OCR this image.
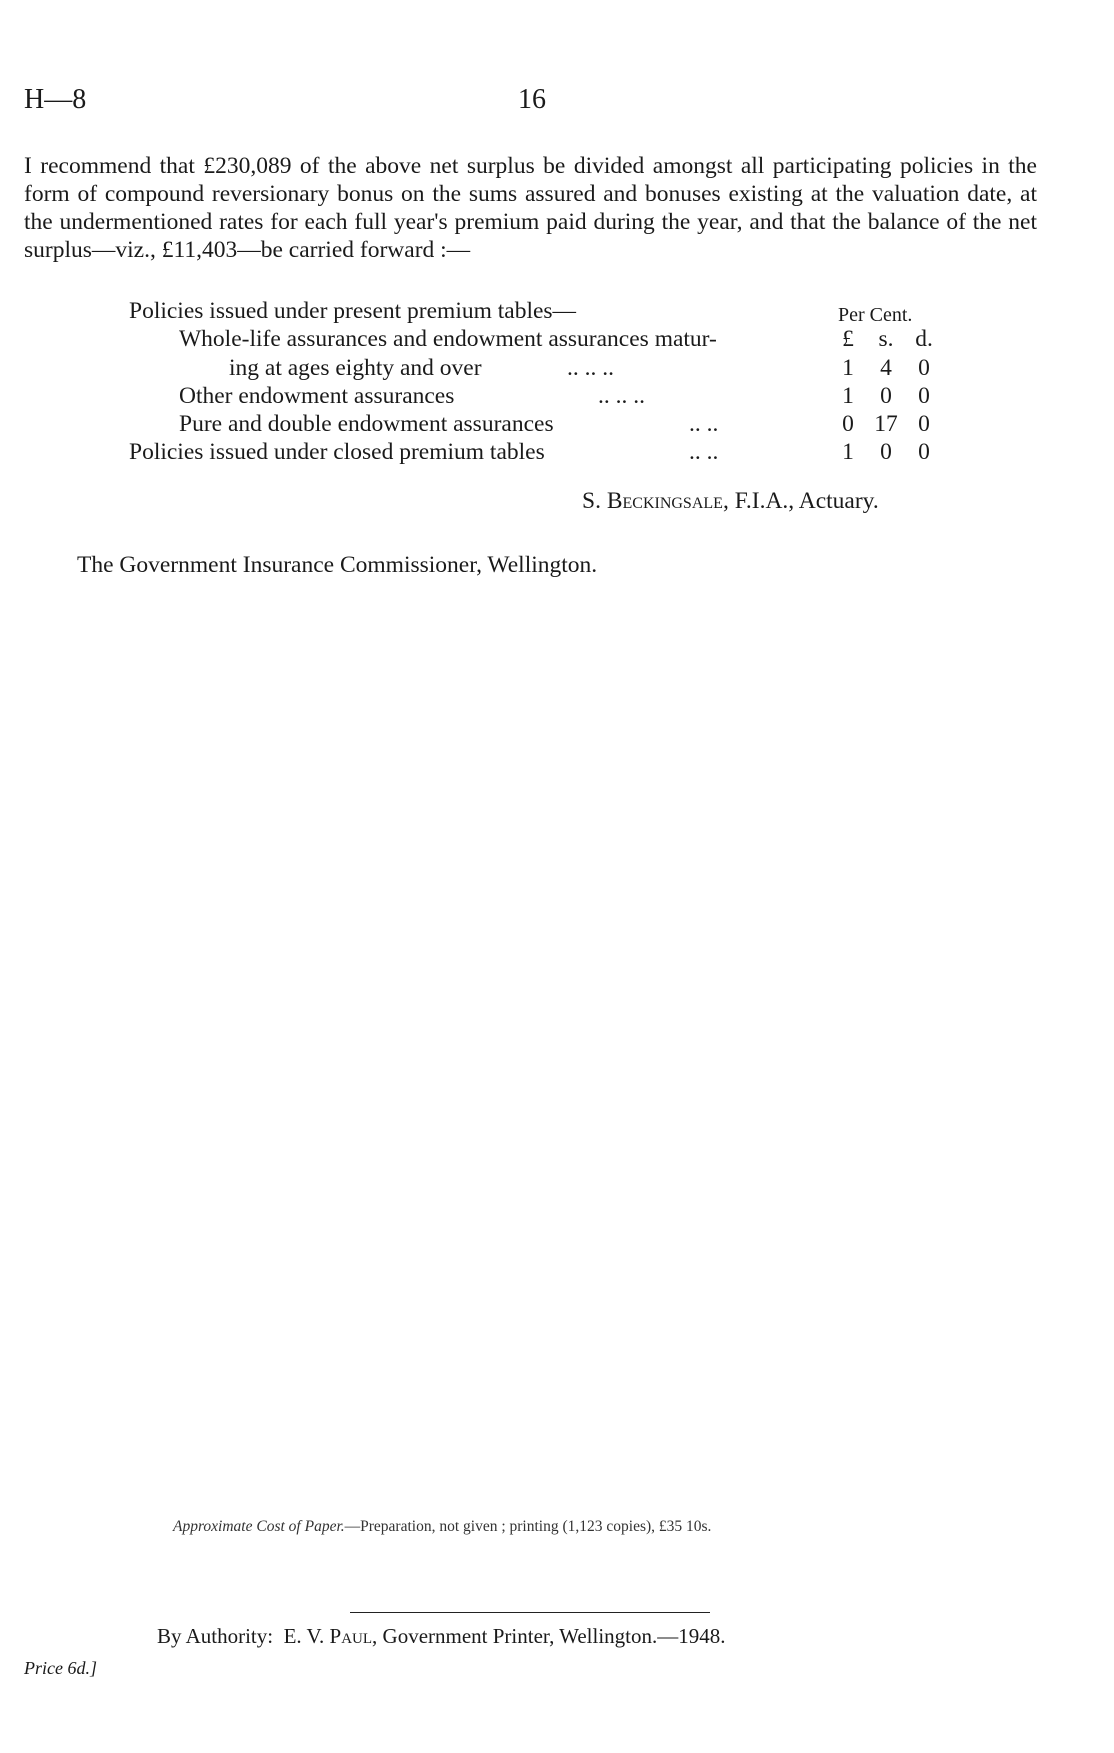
H—8	16
I recommend that £230,089 of the above net surplus be divided amongst all participating policies in the form of compound reversionary bonus on the sums assured and bonuses existing at the valuation date, at the undermentioned rates for each full year's premium paid during the year, and that the balance of the net surplus—viz., £11,403—be carried forward :—
Policies issued under present premium tables—	Per Cent.
Whole-life assurances and endowment assurances matur-	£ s. d.
ing at ages eighty and over	.. .. ..	1 4 0
Other endowment assurances	.. .. ..	1 0 0
Pure and double endowment assurances	.. ..	0 17 0
Policies issued under closed premium tables	.. ..	1 0 0
S. Beckingsale, F.I.A., Actuary.
The Government Insurance Commissioner, Wellington.
Approximate Cost of Paper.—Preparation, not given ; printing (1,123 copies), £35 10s.
By Authority: E. V. Paul, Government Printer, Wellington.—1948.
Price 6d.]
